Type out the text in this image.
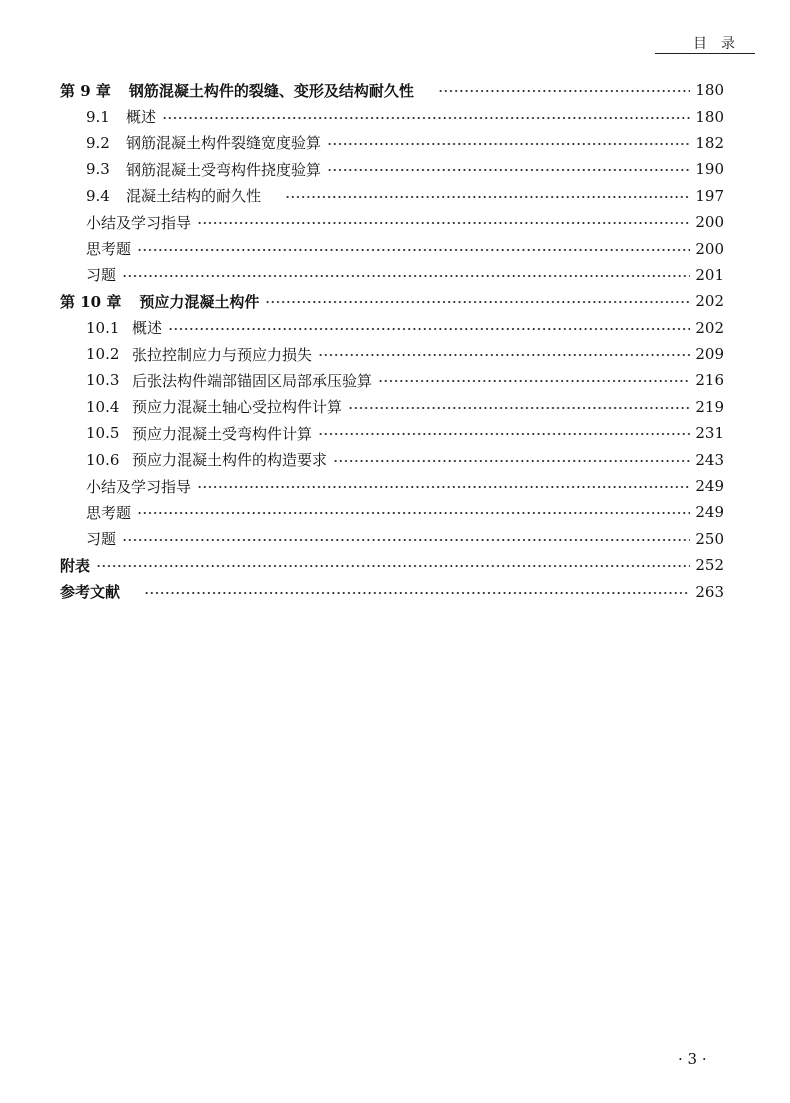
目录
第 9 章 钢筋混凝土构件的裂缝、变形及结构耐久性	180
9.1	概述	180
9.2	钢筋混凝土构件裂缝宽度验算	182
9.3	钢筋混凝土受弯构件挠度验算	190
9.4	混凝土结构的耐久性	197
小结及学习指导	200
思考题	200
习题	201
第 10 章 预应力混凝土构件	202
10.1 概述	202
10.2 张拉控制应力与预应力损失	209
10.3 后张法构件端部锚固区局部承压验算	216
10.4 预应力混凝土轴心受拉构件计算	219
10.5 预应力混凝土受弯构件计算	231
10.6 预应力混凝土构件的构造要求	243
小结及学习指导	249
思考题	249
习题	250
附表	252
参考文献	263
· 3 ·
